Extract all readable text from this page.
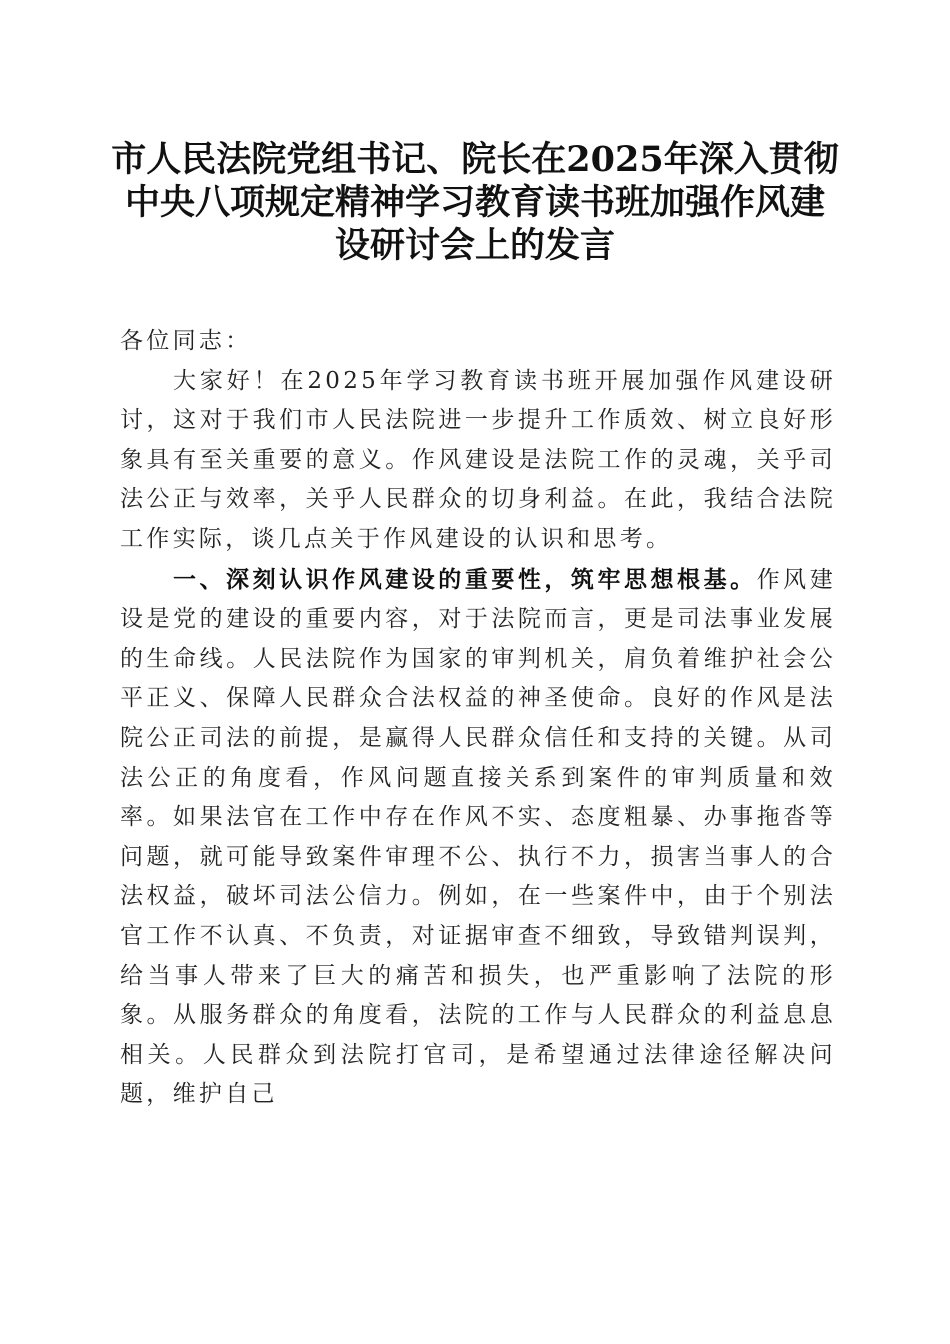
市人民法院党组书记、院长在2025年深入贯彻中央八项规定精神学习教育读书班加强作风建设研讨会上的发言

各位同志：

大家好！在2025年学习教育读书班开展加强作风建设研讨，这对于我们市人民法院进一步提升工作质效、树立良好形象具有至关重要的意义。作风建设是法院工作的灵魂，关乎司法公正与效率，关乎人民群众的切身利益。在此，我结合法院工作实际，谈几点关于作风建设的认识和思考。

一、深刻认识作风建设的重要性，筑牢思想根基。作风建设是党的建设的重要内容，对于法院而言，更是司法事业发展的生命线。人民法院作为国家的审判机关，肩负着维护社会公平正义、保障人民群众合法权益的神圣使命。良好的作风是法院公正司法的前提，是赢得人民群众信任和支持的关键。从司法公正的角度看，作风问题直接关系到案件的审判质量和效率。如果法官在工作中存在作风不实、态度粗暴、办事拖沓等问题，就可能导致案件审理不公、执行不力，损害当事人的合法权益，破坏司法公信力。例如，在一些案件中，由于个别法官工作不认真、不负责，对证据审查不细致，导致错判误判，给当事人带来了巨大的痛苦和损失，也严重影响了法院的形象。从服务群众的角度看，法院的工作与人民群众的利益息息相关。人民群众到法院打官司，是希望通过法律途径解决问题，维护自己
